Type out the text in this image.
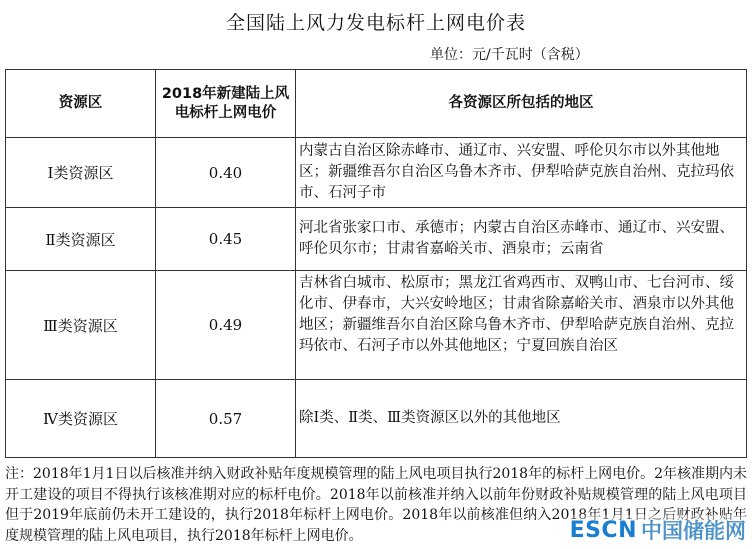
全国陆上风力发电标杆上网电价表
单位：元/千瓦时（含税）
资源区	2018年新建陆上风电标杆上网电价	各资源区所包括的地区
Ⅰ类资源区	0.40	内蒙古自治区除赤峰市、通辽市、兴安盟、呼伦贝尔市以外其他地区；新疆维吾尔自治区乌鲁木齐市、伊犁哈萨克族自治州、克拉玛依市、石河子市
Ⅱ类资源区	0.45	河北省张家口市、承德市；内蒙古自治区赤峰市、通辽市、兴安盟、呼伦贝尔市；甘肃省嘉峪关市、酒泉市；云南省
Ⅲ类资源区	0.49	吉林省白城市、松原市；黑龙江省鸡西市、双鸭山市、七台河市、绥化市、伊春市，大兴安岭地区；甘肃省除嘉峪关市、酒泉市以外其他地区；新疆维吾尔自治区除乌鲁木齐市、伊犁哈萨克族自治州、克拉玛依市、石河子市以外其他地区；宁夏回族自治区
Ⅳ类资源区	0.57	除Ⅰ类、Ⅱ类、Ⅲ类资源区以外的其他地区
注：2018年1月1日以后核准并纳入财政补贴年度规模管理的陆上风电项目执行2018年的标杆上网电价。2年核准期内未开工建设的项目不得执行该核准期对应的标杆电价。2018年以前核准并纳入以前年份财政补贴规模管理的陆上风电项目但于2019年底前仍未开工建设的，执行2018年标杆上网电价。2018年以前核准但纳入2018年1月1日之后财政补贴年度规模管理的陆上风电项目，执行2018年标杆上网电价。	ESCN 中国储能网
